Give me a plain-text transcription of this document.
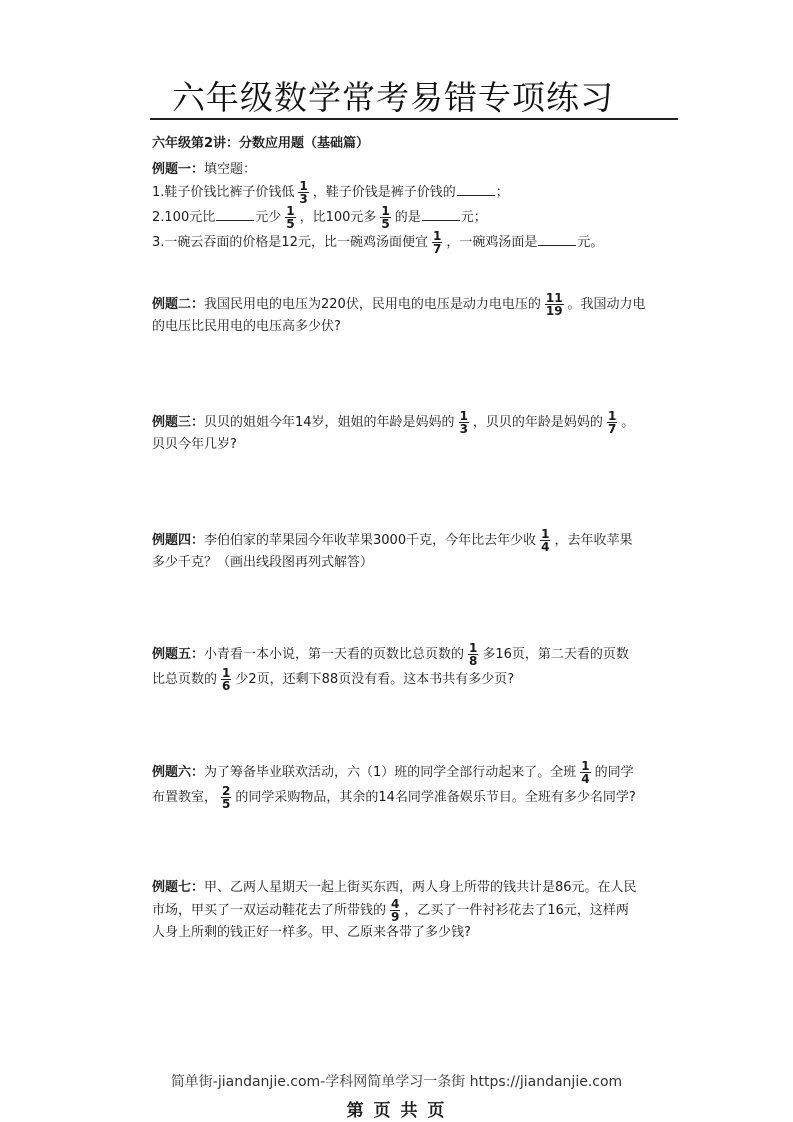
六年级数学常考易错专项练习
六年级第2讲：分数应用题（基础篇）
例题一：填空题：
1.鞋子价钱比裤子价钱低 $\frac{1}{3}$ ，鞋子价钱是裤子价钱的	；
2.100元比	元少 $\frac{1}{5}$ ，比100元多 $\frac{1}{5}$ 的是	元；
3.一碗云吞面的价格是12元，比一碗鸡汤面便宜 $\frac{1}{7}$ ，一碗鸡汤面是	元。
例题二：我国民用电的电压为220伏，民用电的电压是动力电电压的 $\frac{11}{19}$ 。我国动力电
的电压比民用电的电压高多少伏?
例题三：贝贝的姐姐今年14岁，姐姐的年龄是妈妈的 $\frac{1}{3}$ ，贝贝的年龄是妈妈的 $\frac{1}{7}$ 。
贝贝今年几岁?
例题四：李伯伯家的苹果园今年收苹果3000千克，今年比去年少收 $\frac{1}{4}$ ，去年收苹果
多少千克？（画出线段图再列式解答）
例题五：小青看一本小说，第一天看的页数比总页数的 $\frac{1}{8}$ 多16页，第二天看的页数
比总页数的 $\frac{1}{6}$ 少2页，还剩下88页没有看。这本书共有多少页?
例题六：为了筹备毕业联欢活动，六（1）班的同学全部行动起来了。全班 $\frac{1}{4}$ 的同学
布置教室， $\frac{2}{5}$ 的同学采购物品，其余的14名同学准备娱乐节目。全班有多少名同学?
例题七：甲、乙两人星期天一起上街买东西，两人身上所带的钱共计是86元。在人民
市场，甲买了一双运动鞋花去了所带钱的 $\frac{4}{9}$ ，乙买了一件衬衫花去了16元，这样两
人身上所剩的钱正好一样多。甲、乙原来各带了多少钱?
简单街-jiandanjie.com-学科网简单学习一条街 https://jiandanjie.com
第 页 共 页
